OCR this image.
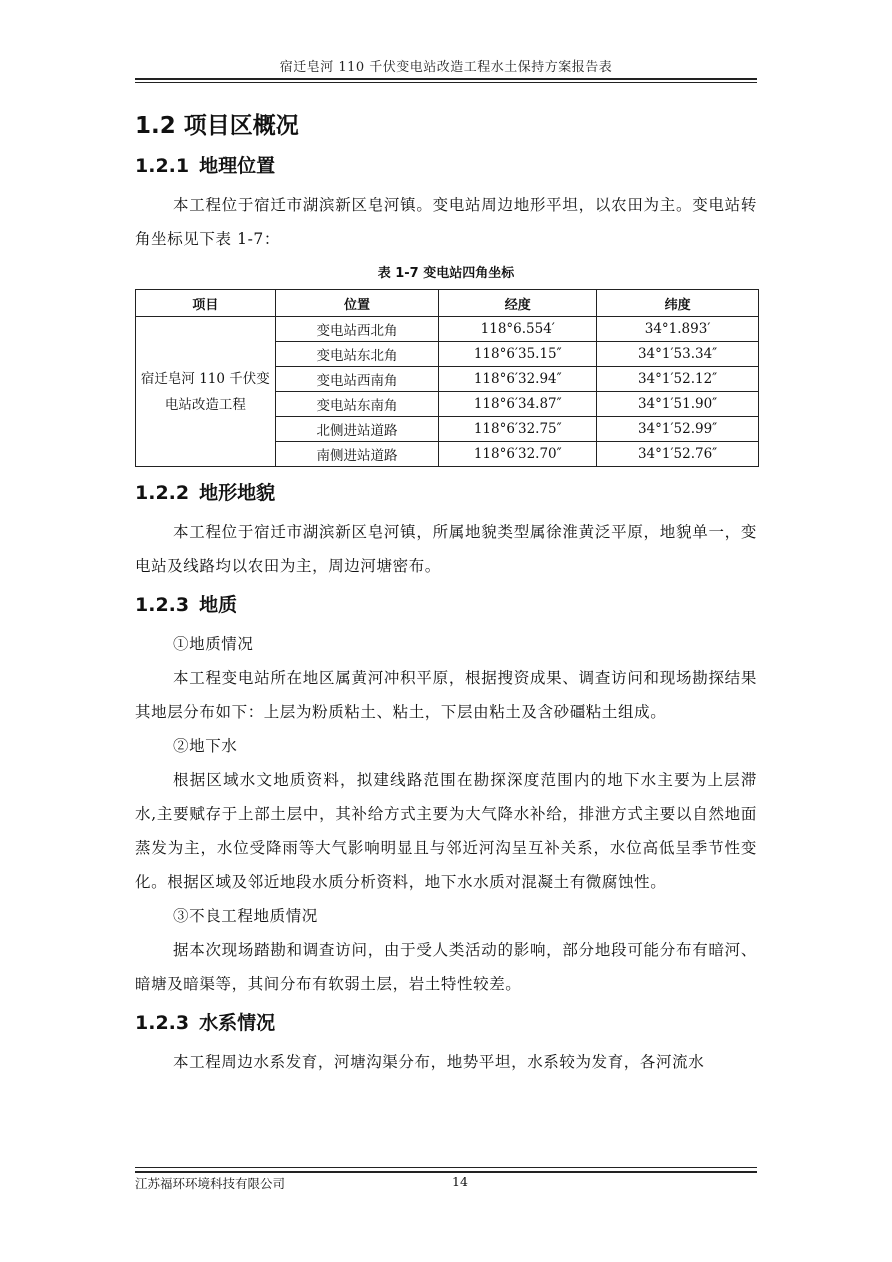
宿迁皂河 110 千伏变电站改造工程水土保持方案报告表
1.2 项目区概况
1.2.1 地理位置

本工程位于宿迁市湖滨新区皂河镇。变电站周边地形平坦，以农田为主。变电站转角坐标见下表 1-7：

表 1-7 变电站四角坐标
项目	位置	经度	纬度
宿迁皂河 110 千伏变电站改造工程	变电站西北角	118°6.554′	34°1.893′
	变电站东北角	118°6′35.15″	34°1′53.34″
	变电站西南角	118°6′32.94″	34°1′52.12″
	变电站东南角	118°6′34.87″	34°1′51.90″
	北侧进站道路	118°6′32.75″	34°1′52.99″
	南侧进站道路	118°6′32.70″	34°1′52.76″
1.2.2 地形地貌

本工程位于宿迁市湖滨新区皂河镇，所属地貌类型属徐淮黄泛平原，地貌单一，变电站及线路均以农田为主，周边河塘密布。

1.2.3 地质

①地质情况

本工程变电站所在地区属黄河冲积平原，根据搜资成果、调查访问和现场勘探结果其地层分布如下：上层为粉质粘土、粘土，下层由粘土及含砂礓粘土组成。

②地下水

根据区域水文地质资料，拟建线路范围在勘探深度范围内的地下水主要为上层滞水,主要赋存于上部土层中，其补给方式主要为大气降水补给，排泄方式主要以自然地面蒸发为主，水位受降雨等大气影响明显且与邻近河沟呈互补关系，水位高低呈季节性变化。根据区域及邻近地段水质分析资料，地下水水质对混凝土有微腐蚀性。

③不良工程地质情况

据本次现场踏勘和调查访问，由于受人类活动的影响，部分地段可能分布有暗河、暗塘及暗渠等，其间分布有软弱土层，岩土特性较差。

1.2.3 水系情况

本工程周边水系发育，河塘沟渠分布，地势平坦，水系较为发育，各河流水

江苏福环环境科技有限公司	14
